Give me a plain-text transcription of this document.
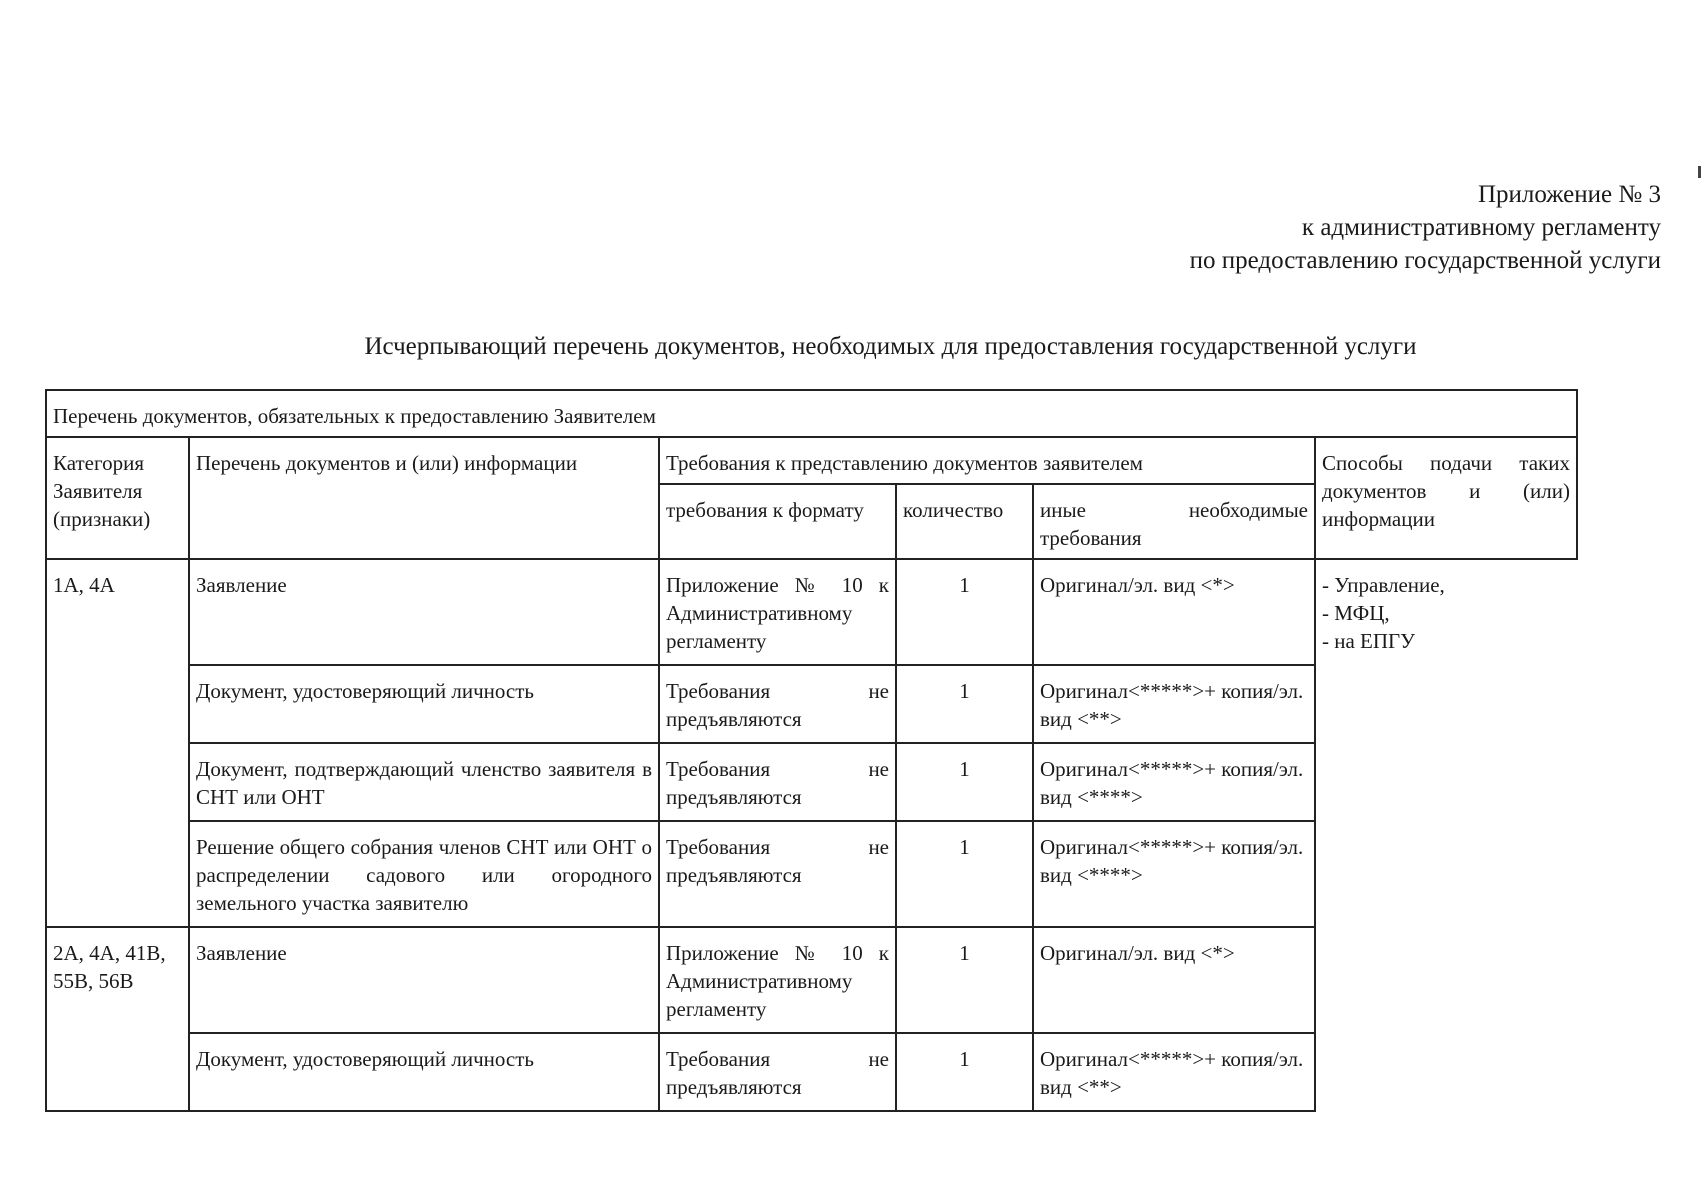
Приложение № 3
к административному регламенту
по предоставлению государственной услуги
Исчерпывающий перечень документов, необходимых для предоставления государственной услуги
Перечень документов, обязательных к предоставлению Заявителем					
Категория Заявителя (признаки)	Перечень документов и (или) информации	Требования к представлению документов заявителем			Способы подачи таких документов и (или) информации
		требования к формату	количество	иные необходимые требования	
1А, 4А	Заявление	Приложение № 10 к Административному регламенту	1	Оригинал/эл. вид <*>	- Управление,
- МФЦ,
- на ЕПГУ

	Документ, удостоверяющий личность	Требования не предъявляются	1	Оригинал<*****>+ копия/эл. вид <**>	
	Документ, подтверждающий членство заявителя в СНТ или ОНТ	Требования не предъявляются	1	Оригинал<*****>+ копия/эл. вид <****>	
	Решение общего собрания членов СНТ или ОНТ о распределении садового или огородного земельного участка заявителю	Требования не предъявляются	1	Оригинал<*****>+ копия/эл. вид <****>	
2А, 4А, 41В, 55В, 56В	Заявление	Приложение № 10 к Административному регламенту	1	Оригинал/эл. вид <*>	
	Документ, удостоверяющий личность	Требования не предъявляются	1	Оригинал<*****>+ копия/эл. вид <**>	
